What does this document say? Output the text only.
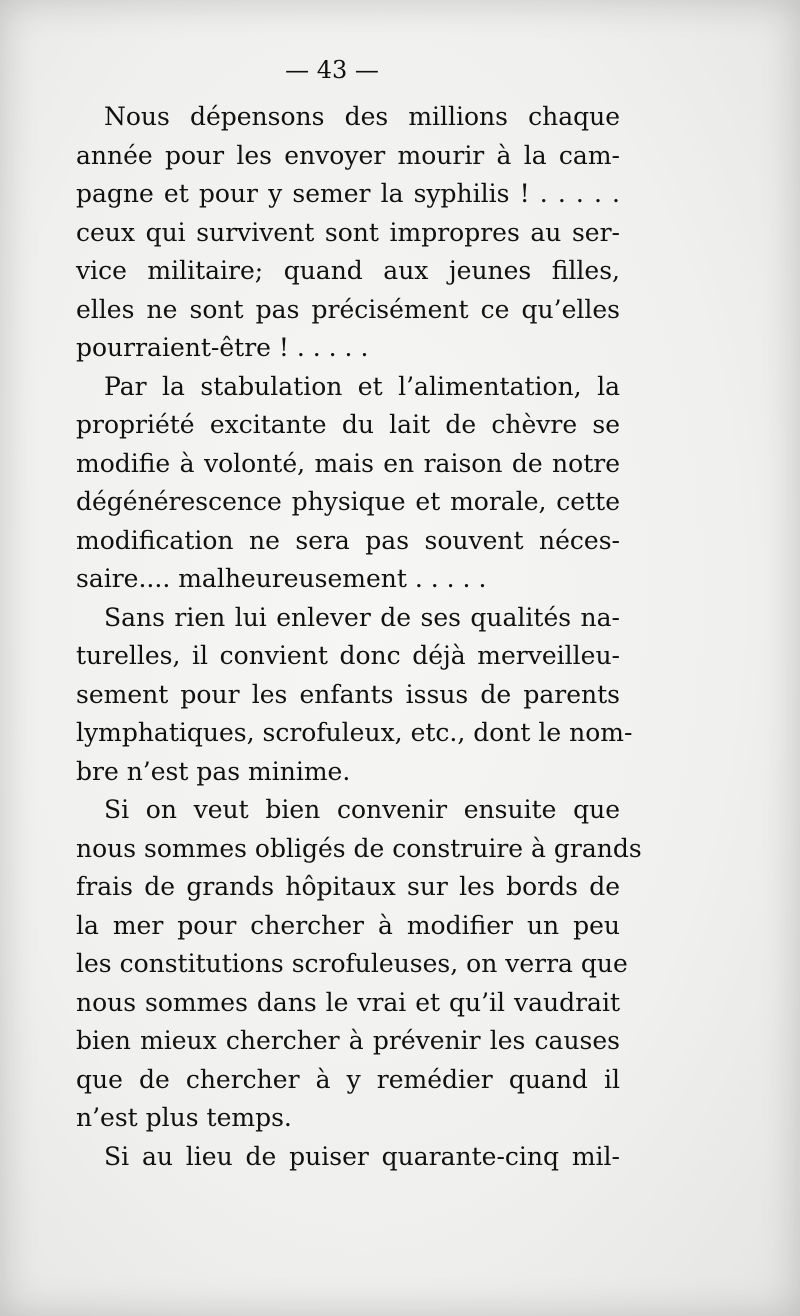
— 43 —
Nous dépensons des millions chaque
année pour les envoyer mourir à la cam-
pagne et pour y semer la syphilis ! . . . . .
ceux qui survivent sont impropres au ser-
vice militaire; quand aux jeunes filles,
elles ne sont pas précisément ce qu’elles
pourraient-être ! . . . . .
Par la stabulation et l’alimentation, la
propriété excitante du lait de chèvre se
modifie à volonté, mais en raison de notre
dégénérescence physique et morale, cette
modification ne sera pas souvent néces-
saire.... malheureusement . . . . .
Sans rien lui enlever de ses qualités na-
turelles, il convient donc déjà merveilleu-
sement pour les enfants issus de parents
lymphatiques, scrofuleux, etc., dont le nom-
bre n’est pas minime.
Si on veut bien convenir ensuite que
nous sommes obligés de construire à grands
frais de grands hôpitaux sur les bords de
la mer pour chercher à modifier un peu
les constitutions scrofuleuses, on verra que
nous sommes dans le vrai et qu’il vaudrait
bien mieux chercher à prévenir les causes
que de chercher à y remédier quand il
n’est plus temps.
Si au lieu de puiser quarante-cinq mil-
